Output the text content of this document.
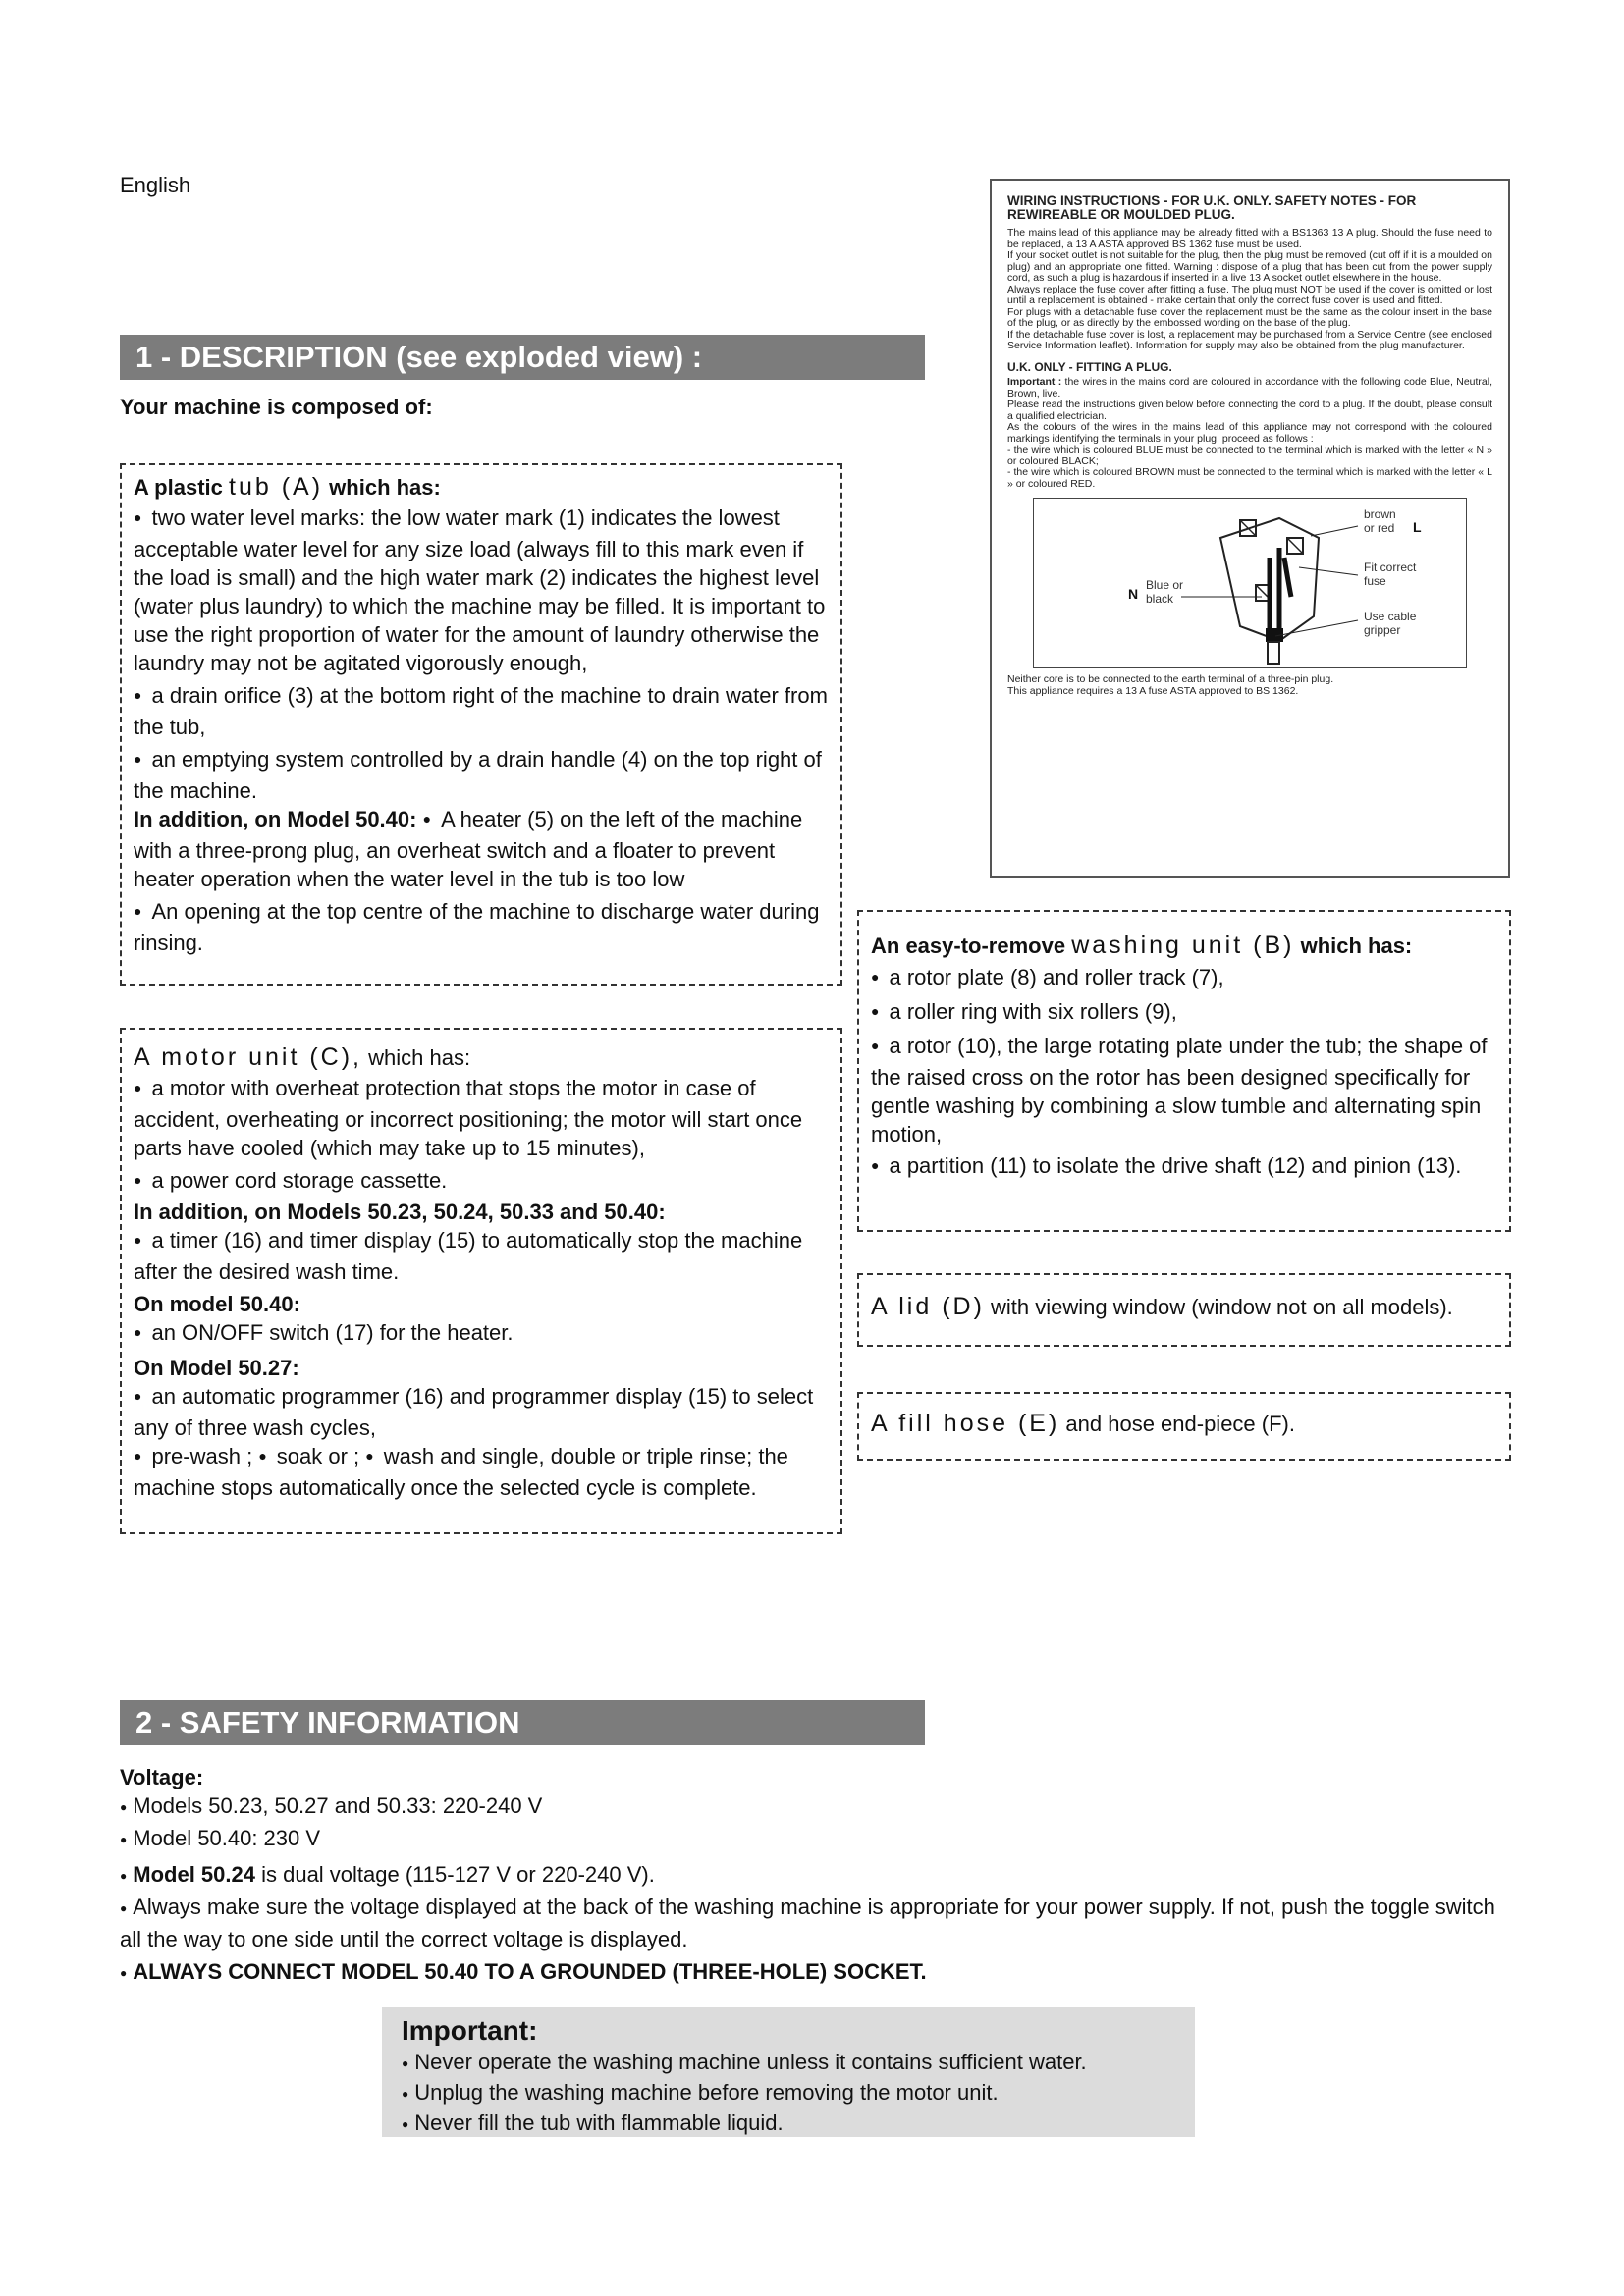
English
1 - DESCRIPTION (see exploded view) :
Your machine is composed of:

A plastic tub (A) which has:

● two water level marks: the low water mark (1) indicates the lowest acceptable water level for any size load (always fill to this mark even if the load is small) and the high water mark (2) indicates the highest level (water plus laundry) to which the machine may be filled. It is important to use the right proportion of water for the amount of laundry otherwise the laundry may not be agitated vigorously enough,

● a drain orifice (3) at the bottom right of the machine to drain water from the tub,

● an emptying system controlled by a drain handle (4) on the top right of the machine.

In addition, on Model 50.40: ● A heater (5) on the left of the machine with a three-prong plug, an overheat switch and a floater to prevent heater operation when the water level in the tub is too low

● An opening at the top centre of the machine to discharge water during rinsing.

A motor unit (C), which has:

● a motor with overheat protection that stops the motor in case of accident, overheating or incorrect positioning; the motor will start once parts have cooled (which may take up to 15 minutes),

● a power cord storage cassette.

In addition, on Models 50.23, 50.24, 50.33 and 50.40:

● a timer (16) and timer display (15) to automatically stop the machine after the desired wash time.

On model 50.40:

● an ON/OFF switch (17) for the heater.

On Model 50.27:

● an automatic programmer (16) and programmer display (15) to select any of three wash cycles,

● pre-wash ; ● soak or ; ● wash and single, double or triple rinse; the machine stops automatically once the selected cycle is complete.

WIRING INSTRUCTIONS - FOR U.K. ONLY. SAFETY NOTES - FOR REWIREABLE OR MOULDED PLUG.

The mains lead of this appliance may be already fitted with a BS1363 13 A plug. Should the fuse need to be replaced, a 13 A ASTA approved BS 1362 fuse must be used.

If your socket outlet is not suitable for the plug, then the plug must be removed (cut off if it is a moulded on plug) and an appropriate one fitted. Warning : dispose of a plug that has been cut from the power supply cord, as such a plug is hazardous if inserted in a live 13 A socket outlet elsewhere in the house.

Always replace the fuse cover after fitting a fuse. The plug must NOT be used if the cover is omitted or lost until a replacement is obtained - make certain that only the correct fuse cover is used and fitted.

For plugs with a detachable fuse cover the replacement must be the same as the colour insert in the base of the plug, or as directly by the embossed wording on the base of the plug.

If the detachable fuse cover is lost, a replacement may be purchased from a Service Centre (see enclosed Service Information leaflet). Information for supply may also be obtained from the plug manufacturer.

U.K. ONLY - FITTING A PLUG.

Important : the wires in the mains cord are coloured in accordance with the following code Blue, Neutral, Brown, live.

Please read the instructions given below before connecting the cord to a plug. If the doubt, please consult a qualified electrician.

As the colours of the wires in the mains lead of this appliance may not correspond with the coloured markings identifying the terminals in your plug, proceed as follows :

- the wire which is coloured BLUE must be connected to the terminal which is marked with the letter « N » or coloured BLACK;

- the wire which is coloured BROWN must be connected to the terminal which is marked with the letter « L » or coloured RED.

brown
or red L
Fit correct
fuse
Blue or
black
N
Use cable
gripper

Neither core is to be connected to the earth terminal of a three-pin plug.

This appliance requires a 13 A fuse ASTA approved to BS 1362.

An easy-to-remove washing unit (B) which has:

● a rotor plate (8) and roller track (7),

● a roller ring with six rollers (9),

● a rotor (10), the large rotating plate under the tub; the shape of the raised cross on the rotor has been designed specifically for gentle washing by combining a slow tumble and alternating spin motion,

● a partition (11) to isolate the drive shaft (12) and pinion (13).

A lid (D) with viewing window (window not on all models).

A fill hose (E) and hose end-piece (F).

2 - SAFETY INFORMATION
Voltage:
● Models 50.23, 50.27 and 50.33: 220-240 V
● Model 50.40: 230 V
● Model 50.24 is dual voltage (115-127 V or 220-240 V).
● Always make sure the voltage displayed at the back of the washing machine is appropriate for your power supply. If not, push the toggle switch all the way to one side until the correct voltage is displayed.
● ALWAYS CONNECT MODEL 50.40 TO A GROUNDED (THREE-HOLE) SOCKET.
Important:
● Never operate the washing machine unless it contains sufficient water.
● Unplug the washing machine before removing the motor unit.
● Never fill the tub with flammable liquid.
